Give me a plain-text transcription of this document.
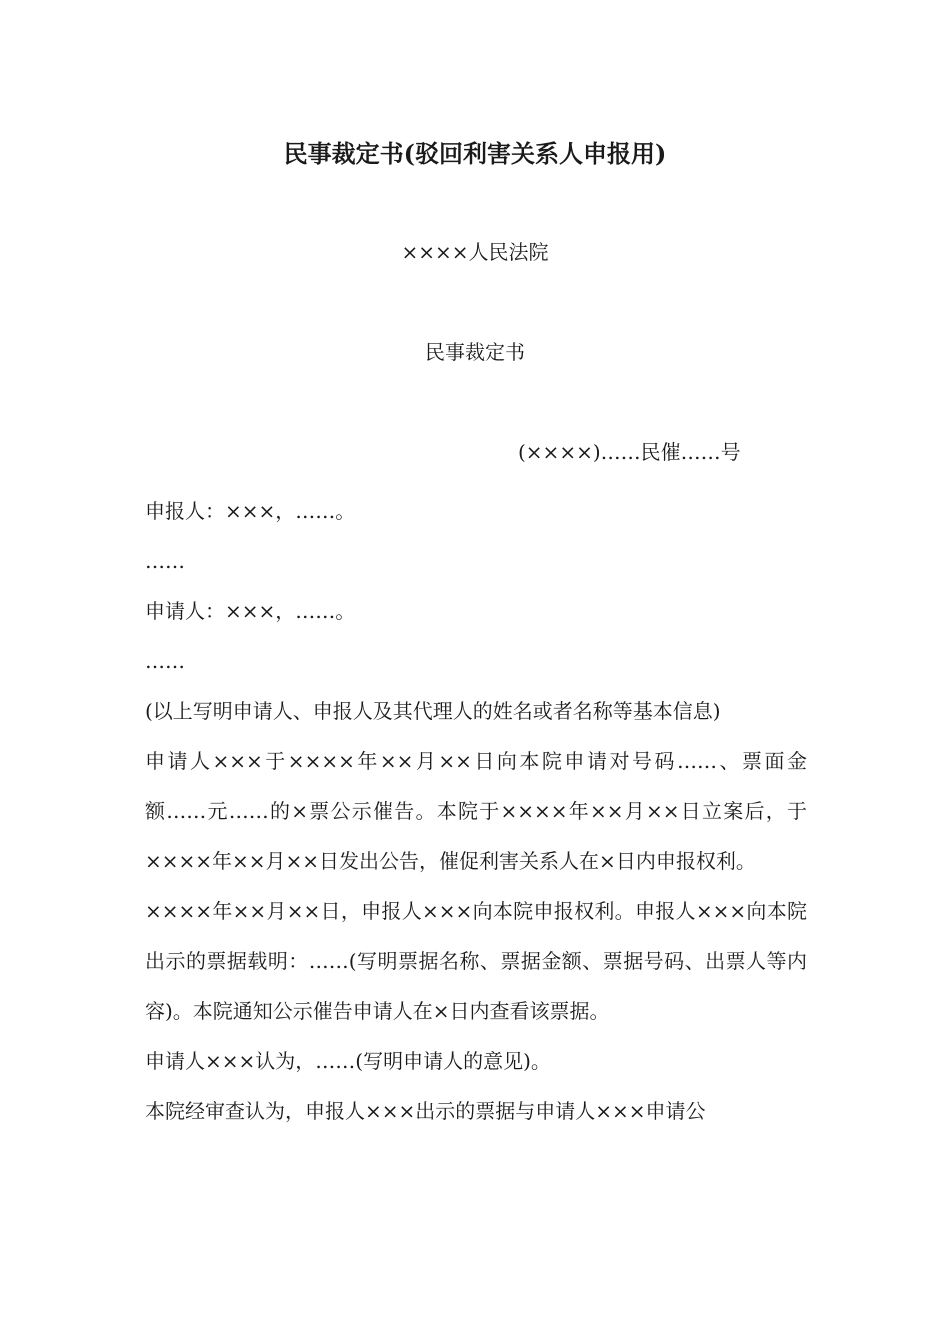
民事裁定书(驳回利害关系人申报用)
××××人民法院
民事裁定书
(××××)……民催……号

申报人：×××，……。

……

申请人：×××，……。

……

(以上写明申请人、申报人及其代理人的姓名或者名称等基本信息)

申请人×××于××××年××月××日向本院申请对号码……、票面金额……元……的×票公示催告。本院于××××年××月××日立案后，于××××年××月××日发出公告，催促利害关系人在×日内申报权利。

××××年××月××日，申报人×××向本院申报权利。申报人×××向本院出示的票据载明：……(写明票据名称、票据金额、票据号码、出票人等内容)。本院通知公示催告申请人在×日内查看该票据。

申请人×××认为，……(写明申请人的意见)。

本院经审查认为，申报人×××出示的票据与申请人×××申请公
